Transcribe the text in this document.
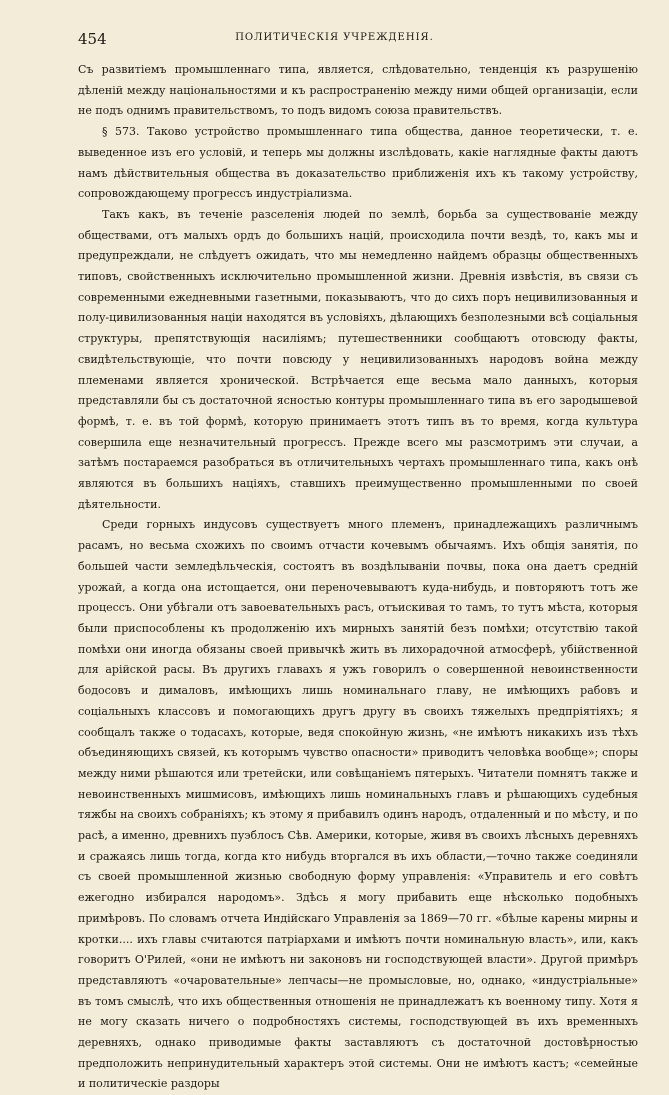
454	ПОЛИТИЧЕСКІЯ УЧРЕЖДЕНІЯ.

Съ развитіемъ промышленнаго типа, является, слѣдовательно, тенденція къ разрушенію дѣленій между національностями и къ распространенію между ними общей организаціи, если не подъ однимъ правительствомъ, то подъ видомъ союза правительствъ.

§ 573. Таково устройство промышленнаго типа общества, данное теоретически, т. е. выведенное изъ его условій, и теперь мы должны изслѣдовать, какіе наглядные факты даютъ намъ дѣйствительныя общества въ доказательство приближенія ихъ къ такому устройству, сопровождающему прогрессъ индустріализма.

Такъ какъ, въ теченіе разселенія людей по землѣ, борьба за существованіе между обществами, отъ малыхъ ордъ до большихъ націй, происходила почти вездѣ, то, какъ мы и предупреждали, не слѣдуетъ ожидать, что мы немедленно найдемъ образцы общественныхъ типовъ, свойственныхъ исключительно промышленной жизни. Древнія извѣстія, въ связи съ современными ежедневными газетными, показываютъ, что до сихъ поръ нецивилизованныя и полу-цивилизованныя націи находятся въ условіяхъ, дѣлающихъ безполезными всѣ соціальныя структуры, препятствующія насиліямъ; путешественники сообщаютъ отовсюду факты, свидѣтельствующіе, что почти повсюду у нецивилизованныхъ народовъ война между племенами является хронической. Встрѣчается еще весьма мало данныхъ, которыя представляли бы съ достаточной ясностью контуры промышленнаго типа въ его зародышевой формѣ, т. е. въ той формѣ, которую принимаетъ этотъ типъ въ то время, когда культура совершила еще незначительный прогрессъ. Прежде всего мы разсмотримъ эти случаи, а затѣмъ постараемся разобраться въ отличительныхъ чертахъ промышленнаго типа, какъ онѣ являются въ большихъ націяхъ, ставшихъ преимущественно промышленными по своей дѣятельности.

Среди горныхъ индусовъ существуетъ много племенъ, принадлежащихъ различнымъ расамъ, но весьма схожихъ по своимъ отчасти кочевымъ обычаямъ. Ихъ общія занятія, по большей части земледѣльческія, состоятъ въ воздѣлываніи почвы, пока она даетъ средній урожай, а когда она истощается, они переночевываютъ куда-нибудь, и повторяютъ тотъ же процессъ. Они убѣгали отъ завоевательныхъ расъ, отъискивая то тамъ, то тутъ мѣста, которыя были приспособлены къ продолженію ихъ мирныхъ занятій безъ помѣхи; отсутствію такой помѣхи они иногда обязаны своей привычкѣ жить въ лихорадочной атмосферѣ, убійственной для арійской расы. Въ другихъ главахъ я ужъ говорилъ о совершенной невоинственности бодосовъ и дималовъ, имѣющихъ лишь номинальнаго главу, не имѣющихъ рабовъ и соціальныхъ классовъ и помогающихъ другъ другу въ своихъ тяжелыхъ предпріятіяхъ; я сообщалъ также о тодасахъ, которые, ведя спокойную жизнь, «не имѣютъ никакихъ изъ тѣхъ объединяющихъ связей, къ которымъ чувство опасности» приводитъ человѣка вообще»; споры между ними рѣшаются или третейски, или совѣщаніемъ пятерыхъ. Читатели помнятъ также и невоинственныхъ мишмисовъ, имѣющихъ лишь номинальныхъ главъ и рѣшающихъ судебныя тяжбы на своихъ собраніяхъ; къ этому я прибавилъ одинъ народъ, отдаленный и по мѣсту, и по расѣ, а именно, древнихъ пуэблосъ Сѣв. Америки, которые, живя въ своихъ лѣсныхъ деревняхъ и сражаясь лишь тогда, когда кто нибудь вторгался въ ихъ области,—точно также соединяли съ своей промышленной жизнью свободную форму управленія: «Управитель и его совѣтъ ежегодно избирался народомъ». Здѣсь я могу прибавить еще нѣсколько подобныхъ примѣровъ. По словамъ отчета Индійскаго Управленія за 1869—70 гг. «бѣлые карены мирны и кротки.... ихъ главы считаются патріархами и имѣютъ почти номинальную власть», или, какъ говоритъ О'Рилей, «они не имѣютъ ни законовъ ни господствующей власти». Другой примѣръ представляютъ «очаровательные» лепчасы—не промысловые, но, однако, «индустріальные» въ томъ смыслѣ, что ихъ общественныя отношенія не принадлежатъ къ военному типу. Хотя я не могу сказать ничего о подробностяхъ системы, господствующей въ ихъ временныхъ деревняхъ, однако приводимые факты заставляютъ съ достаточной достовѣрностью предположить непринудительный характеръ этой системы. Они не имѣютъ кастъ; «семейные и политическіе раздоры
